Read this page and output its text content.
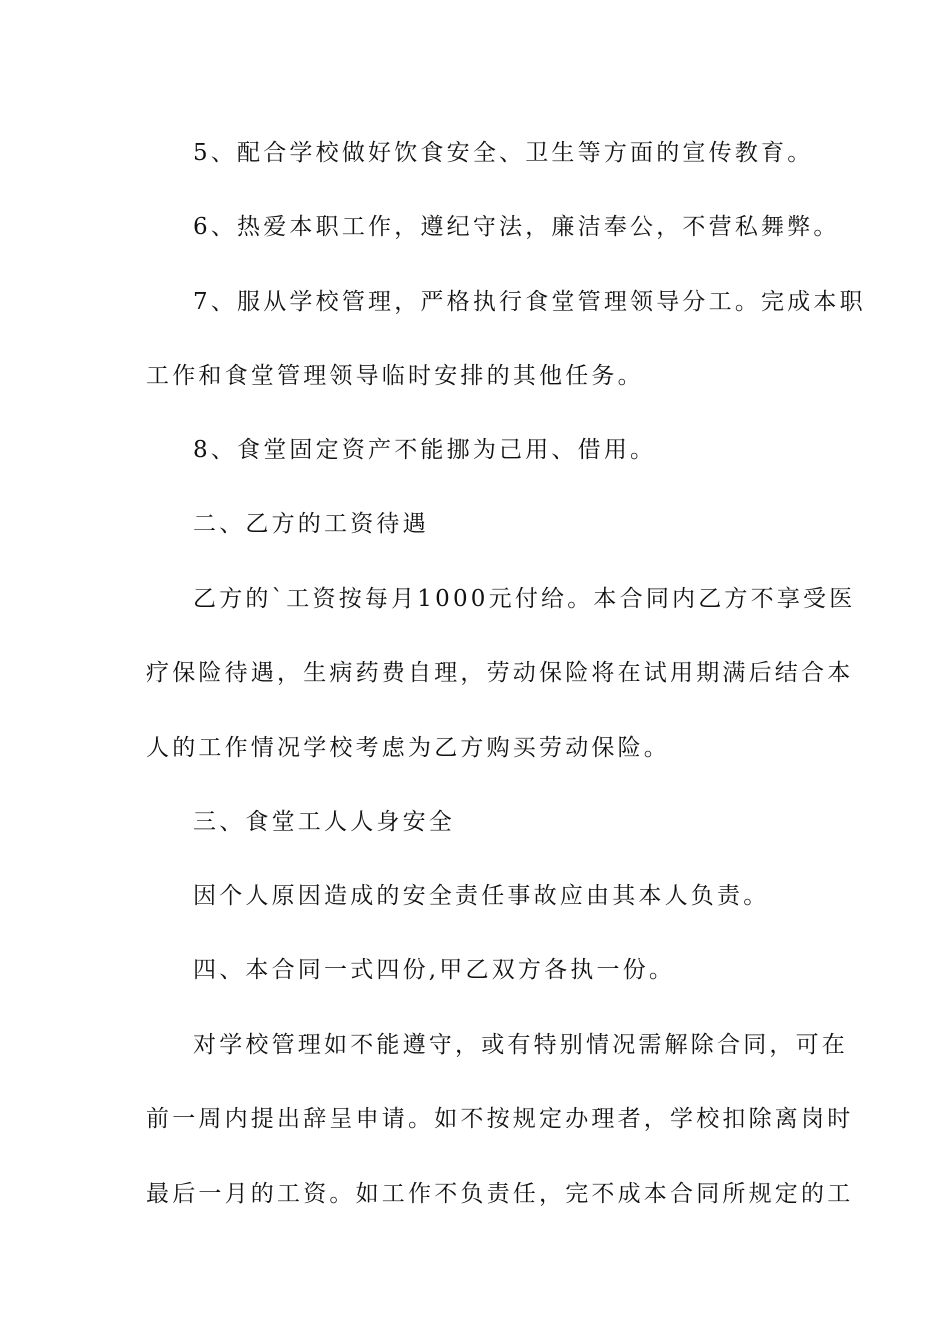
5、配合学校做好饮食安全、卫生等方面的宣传教育。
6、热爱本职工作，遵纪守法，廉洁奉公，不营私舞弊。
7、服从学校管理，严格执行食堂管理领导分工。完成本职
工作和食堂管理领导临时安排的其他任务。
8、食堂固定资产不能挪为己用、借用。
二、乙方的工资待遇
乙方的`工资按每月1000元付给。本合同内乙方不享受医
疗保险待遇，生病药费自理，劳动保险将在试用期满后结合本
人的工作情况学校考虑为乙方购买劳动保险。
三、食堂工人人身安全
因个人原因造成的安全责任事故应由其本人负责。
四、本合同一式四份,甲乙双方各执一份。
对学校管理如不能遵守，或有特别情况需解除合同，可在
前一周内提出辞呈申请。如不按规定办理者，学校扣除离岗时
最后一月的工资。如工作不负责任，完不成本合同所规定的工
